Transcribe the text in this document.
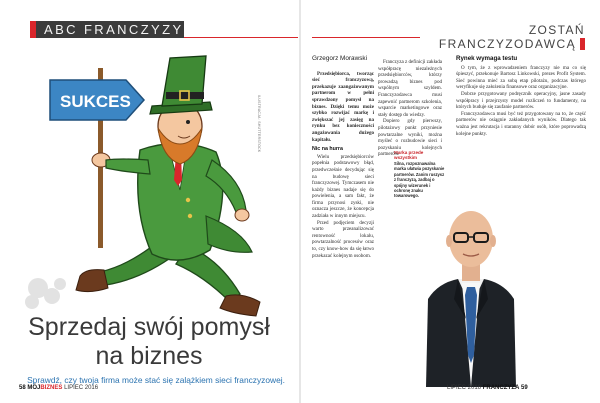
ABC FRANCZYZY	ZOSTAŃ FRANCZYZODAWCĄ
SUKCES	ILUSTRACJA: SHUTTERSTOCK
Sprzedaj swój pomysł
na biznes
Sprawdź, czy twoja firma może stać się zalążkiem sieci franczyzowej.
Grzegorz Morawski

Przedsiębiorca, tworząc sieć franczyzową, przekazuje zaangażowanym partnerom w pełni sprawdzony pomysł na biznes. Dzięki temu może szybko rozwijać markę i zwiększać jej zasięg na rynku bez konieczności angażowania dużego kapitału.

Nic na hurra

Wielu przedsiębiorców popełnia podstawowy błąd, przedwcześnie decydując się na budowę sieci franczyzowej. Tymczasem nie każdy biznes nadaje się do powielenia, a sam fakt, że firma przynosi zyski, nie oznacza jeszcze, że koncepcja zadziała w innym miejscu.

Przed podjęciem decyzji warto przeanalizować rentowność lokalu, powtarzalność procesów oraz to, czy know-how da się łatwo przekazać kolejnym osobom.

Marka przede wszystkim
Silna, rozpoznawalna marka ułatwia pozyskanie partnerów. Zanim ruszysz z franczyzą, zadbaj o spójny wizerunek i ochronę znaku towarowego.

Franczyza z definicji zakłada współpracę niezależnych przedsiębiorców, którzy prowadzą biznes pod wspólnym szyldem. Franczyzodawca musi zapewnić partnerom szkolenia, wsparcie marketingowe oraz stały dostęp do wiedzy.

Dopiero gdy pierwszy, pilotażowy punkt przyniesie powtarzalne wyniki, można myśleć o rozbudowie sieci i pozyskaniu kolejnych partnerów.

Rynek wymaga testu

O tym, że z wprowadzeniem franczyzy nie ma co się śpieszyć, przekonuje Bartosz Linkowski, prezes Profit System. Sieć powinna mieć za sobą etap pilotażu, podczas którego weryfikuje się założenia finansowe oraz organizacyjne.

Dobrze przygotowany podręcznik operacyjny, jasne zasady współpracy i przejrzysty model rozliczeń to fundamenty, na których buduje się zaufanie partnerów.

Franczyzodawca musi być też przygotowany na to, że część partnerów nie osiągnie zakładanych wyników. Dlatego tak ważna jest rekrutacja i staranny dobór osób, które poprowadzą kolejne punkty.

58 MÓJBIZNES LIPIEC 2016	LIPIEC 2016 FRANCZYZA 59
